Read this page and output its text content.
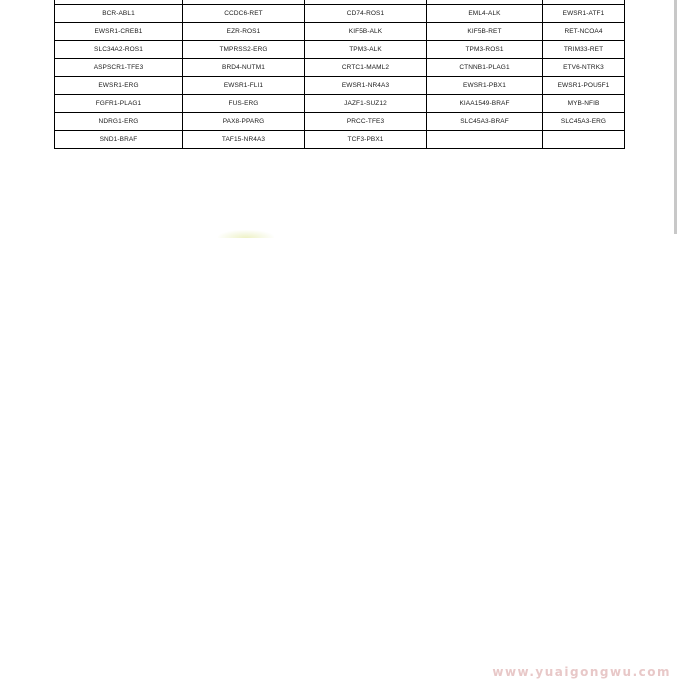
BCR-ABL1	CCDC6-RET	CD74-ROS1	EML4-ALK	EWSR1-ATF1
EWSR1-CREB1	EZR-ROS1	KIF5B-ALK	KIF5B-RET	RET-NCOA4
SLC34A2-ROS1	TMPRSS2-ERG	TPM3-ALK	TPM3-ROS1	TRIM33-RET
ASPSCR1-TFE3	BRD4-NUTM1	CRTC1-MAML2	CTNNB1-PLAG1	ETV6-NTRK3
EWSR1-ERG	EWSR1-FLI1	EWSR1-NR4A3	EWSR1-PBX1	EWSR1-POU5F1
FGFR1-PLAG1	FUS-ERG	JAZF1-SUZ12	KIAA1549-BRAF	MYB-NFIB
NDRG1-ERG	PAX8-PPARG	PRCC-TFE3	SLC45A3-BRAF	SLC45A3-ERG
SND1-BRAF	TAF15-NR4A3	TCF3-PBX1		
www.yuaigongwu.com
